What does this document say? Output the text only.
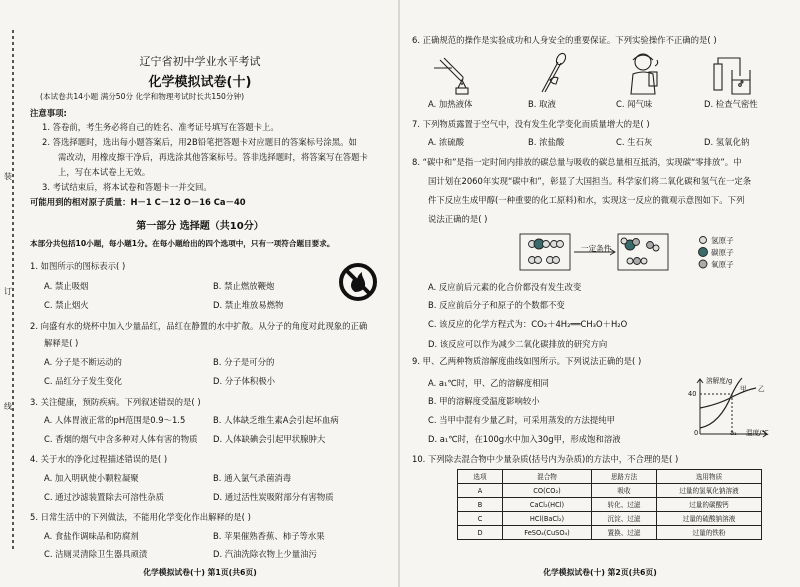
装
订
线
辽宁省初中学业水平考试
化学模拟试卷(十)
(本试卷共14小题 满分50分 化学和物理考试时长共150分钟)
注意事项:
1. 答卷前，考生务必将自己的姓名、准考证号填写在答题卡上。
2. 答选择题时，选出每小题答案后，用2B铅笔把答题卡对应题目的答案标号涂黑。如
需改动，用橡皮擦干净后，再选涂其他答案标号。答非选择题时，将答案写在答题卡
上，写在本试卷上无效。
3. 考试结束后，将本试卷和答题卡一并交回。
可能用到的相对原子质量：H－1 C－12 O－16 Ca－40
第一部分 选择题（共10分）
本部分共包括10小题，每小题1分。在每小题给出的四个选项中，只有一项符合题目要求。
1. 如图所示的图标表示( )
A. 禁止吸烟	B. 禁止燃放鞭炮
C. 禁止烟火	D. 禁止堆放易燃物
2. 向盛有水的烧杯中加入少量品红，品红在静置的水中扩散。从分子的角度对此现象的正确
解释是( )
A. 分子是不断运动的	B. 分子是可分的
C. 品红分子发生变化	D. 分子体积极小
3. 关注健康，预防疾病。下列叙述错误的是( )
A. 人体胃液正常的pH范围是0.9～1.5	B. 人体缺乏维生素A会引起坏血病
C. 香烟的烟气中含多种对人体有害的物质 D. 人体缺碘会引起甲状腺肿大
4. 关于水的净化过程描述错误的是( )
A. 加入明矾使小颗粒凝聚	B. 通入氯气杀菌消毒
C. 通过沙滤装置除去可溶性杂质	D. 通过活性炭吸附部分有害物质
5. 日常生活中的下列做法，不能用化学变化作出解释的是( )
A. 食盐作调味品和防腐剂	B. 苹果催熟香蕉、柿子等水果
C. 洁厕灵清除卫生器具顽渍	D. 汽油洗除衣物上少量油污
化学模拟试卷(十) 第1页(共6页)
6. 正确规范的操作是实验成功和人身安全的重要保证。下列实验操作不正确的是( )
A. 加热液体	B. 取液	C. 闻气味	D. 检查气密性
7. 下列物质露置于空气中，没有发生化学变化而质量增大的是( )
A. 浓硫酸	B. 浓盐酸	C. 生石灰	D. 氢氧化钠
8. “碳中和”是指一定时间内排放的碳总量与吸收的碳总量相互抵消，实现碳“零排放”。中
国计划在2060年实现“碳中和”，彰显了大国担当。科学家们将二氧化碳和氢气在一定条
件下反应生成甲醇(一种重要的化工原料)和水，实现这一反应的微观示意图如下。下列
说法正确的是( )
一定条件
氢原子
碳原子
氧原子
A. 反应前后元素的化合价都没有发生改变
B. 反应前后分子和原子的个数都不变
C. 该反应的化学方程式为：CO₂＋4H₂══CH₃O＋H₂O
D. 该反应可以作为减少二氧化碳排放的研究方向
9. 甲、乙两种物质溶解度曲线如图所示。下列说法正确的是( )
A. a₁℃时，甲、乙的溶解度相同
B. 甲的溶解度受温度影响较小
C. 当甲中混有少量乙时，可采用蒸发的方法提纯甲
D. a₁℃时，在100g水中加入30g甲，形成饱和溶液
溶解度/g
40
0	a₁ 温度/℃
甲 乙
10. 下列除去混合物中少量杂质(括号内为杂质)的方法中，不合理的是( )
选项	混合物	思路方法	选用物质
A	CO(CO₂)	吸收	过量的氢氧化钠溶液
B	CaCl₂(HCl)	转化、过滤	过量的碳酸钙
C	HCl(BaCl₂)	沉淀、过滤	过量的硫酸钠溶液
D	FeSO₄(CuSO₄)	置换、过滤	过量的铁粉
化学模拟试卷(十) 第2页(共6页)
